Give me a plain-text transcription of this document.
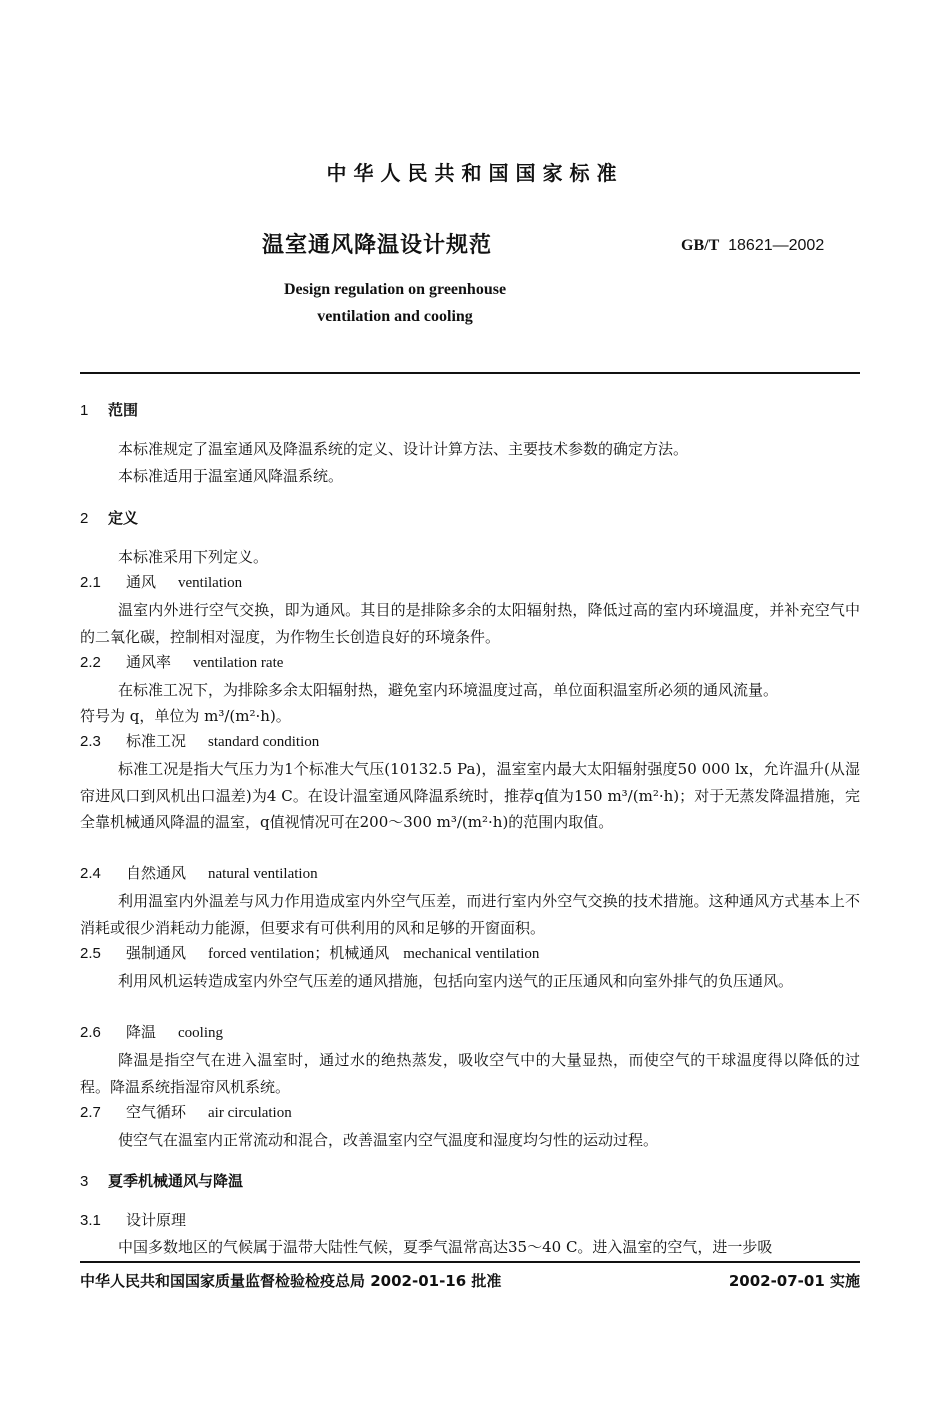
中华人民共和国国家标准
温室通风降温设计规范	GB/T 18621—2002
Design regulation on greenhouse
ventilation and cooling
1 范围
本标准规定了温室通风及降温系统的定义、设计计算方法、主要技术参数的确定方法。
本标准适用于温室通风降温系统。
2 定义
本标准采用下列定义。
2.1 通风 ventilation
温室内外进行空气交换，即为通风。其目的是排除多余的太阳辐射热，降低过高的室内环境温度，并补充空气中的二氧化碳，控制相对湿度，为作物生长创造良好的环境条件。
2.2 通风率 ventilation rate
在标准工况下，为排除多余太阳辐射热，避免室内环境温度过高，单位面积温室所必须的通风流量。
符号为 q，单位为 m³/(m²·h)。
2.3 标准工况 standard condition
标准工况是指大气压力为1个标准大气压(10132.5 Pa)，温室室内最大太阳辐射强度50 000 lx，允许温升(从湿帘进风口到风机出口温差)为4 C。在设计温室通风降温系统时，推荐q值为150 m³/(m²·h)；对于无蒸发降温措施，完全靠机械通风降温的温室，q值视情况可在200～300 m³/(m²·h)的范围内取值。
2.4 自然通风 natural ventilation
利用温室内外温差与风力作用造成室内外空气压差，而进行室内外空气交换的技术措施。这种通风方式基本上不消耗或很少消耗动力能源，但要求有可供利用的风和足够的开窗面积。
2.5 强制通风 forced ventilation；机械通风 mechanical ventilation
利用风机运转造成室内外空气压差的通风措施，包括向室内送气的正压通风和向室外排气的负压通风。
2.6 降温 cooling
降温是指空气在进入温室时，通过水的绝热蒸发，吸收空气中的大量显热，而使空气的干球温度得以降低的过程。降温系统指湿帘风机系统。
2.7 空气循环 air circulation
使空气在温室内正常流动和混合，改善温室内空气温度和湿度均匀性的运动过程。
3 夏季机械通风与降温
3.1 设计原理
中国多数地区的气候属于温带大陆性气候，夏季气温常高达35～40 C。进入温室的空气，进一步吸
中华人民共和国国家质量监督检验检疫总局 2002-01-16 批准	2002-07-01 实施
